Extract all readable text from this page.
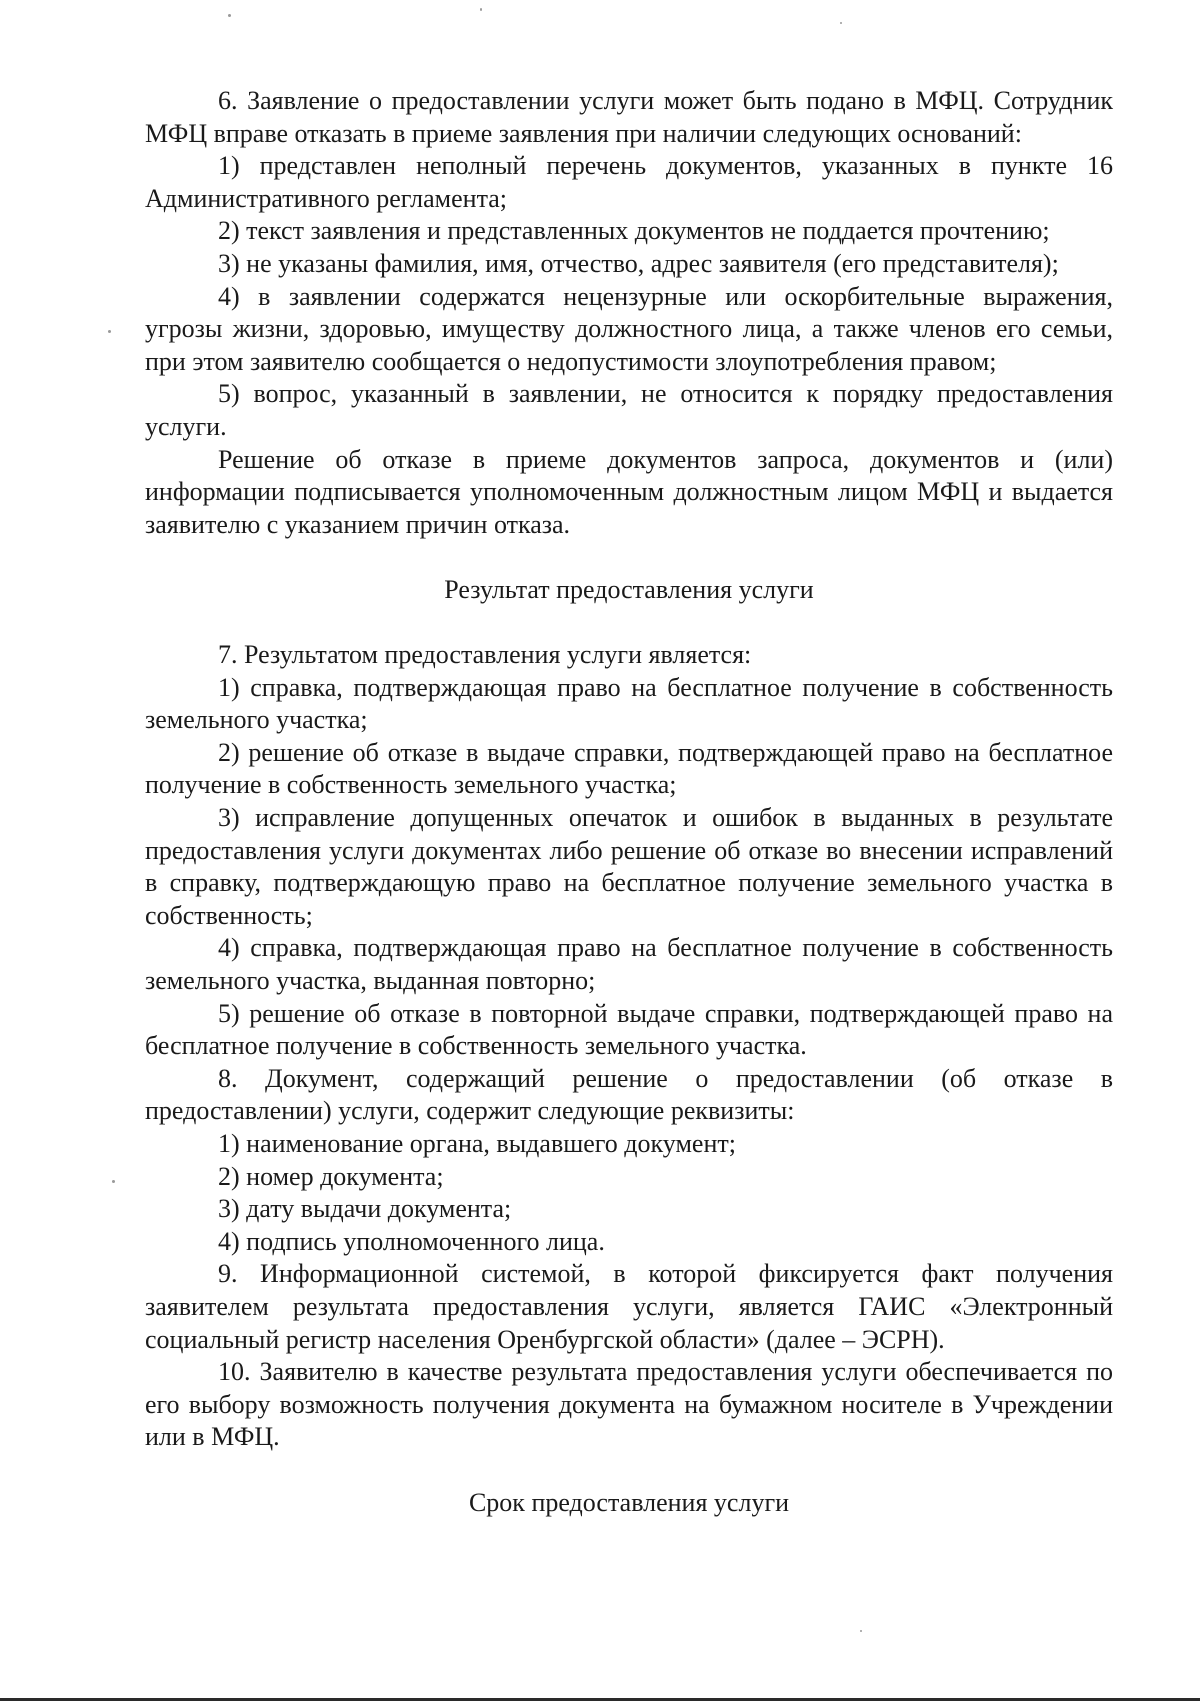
6. Заявление о предоставлении услуги может быть подано в МФЦ. Сотрудник МФЦ вправе отказать в приеме заявления при наличии следующих оснований:

1) представлен неполный перечень документов, указанных в пункте 16 Административного регламента;

2) текст заявления и представленных документов не поддается прочтению;

3) не указаны фамилия, имя, отчество, адрес заявителя (его представителя);

4) в заявлении содержатся нецензурные или оскорбительные выражения, угрозы жизни, здоровью, имуществу должностного лица, а также членов его семьи, при этом заявителю сообщается о недопустимости злоупотребления правом;

5) вопрос, указанный в заявлении, не относится к порядку предоставления услуги.

Решение об отказе в приеме документов запроса, документов и (или) информации подписывается уполномоченным должностным лицом МФЦ и выдается заявителю с указанием причин отказа.

Результат предоставления услуги

7. Результатом предоставления услуги является:

1) справка, подтверждающая право на бесплатное получение в собственность земельного участка;

2) решение об отказе в выдаче справки, подтверждающей право на бесплатное получение в собственность земельного участка;

3) исправление допущенных опечаток и ошибок в выданных в результате предоставления услуги документах либо решение об отказе во внесении исправлений в справку, подтверждающую право на бесплатное получение земельного участка в собственность;

4) справка, подтверждающая право на бесплатное получение в собственность земельного участка, выданная повторно;

5) решение об отказе в повторной выдаче справки, подтверждающей право на бесплатное получение в собственность земельного участка.

8. Документ, содержащий решение о предоставлении (об отказе в предоставлении) услуги, содержит следующие реквизиты:

1) наименование органа, выдавшего документ;

2) номер документа;

3) дату выдачи документа;

4) подпись уполномоченного лица.

9. Информационной системой, в которой фиксируется факт получения заявителем результата предоставления услуги, является ГАИС «Электронный социальный регистр населения Оренбургской области» (далее – ЭСРН).

10. Заявителю в качестве результата предоставления услуги обеспечивается по его выбору возможность получения документа на бумажном носителе в Учреждении или в МФЦ.

Срок предоставления услуги
